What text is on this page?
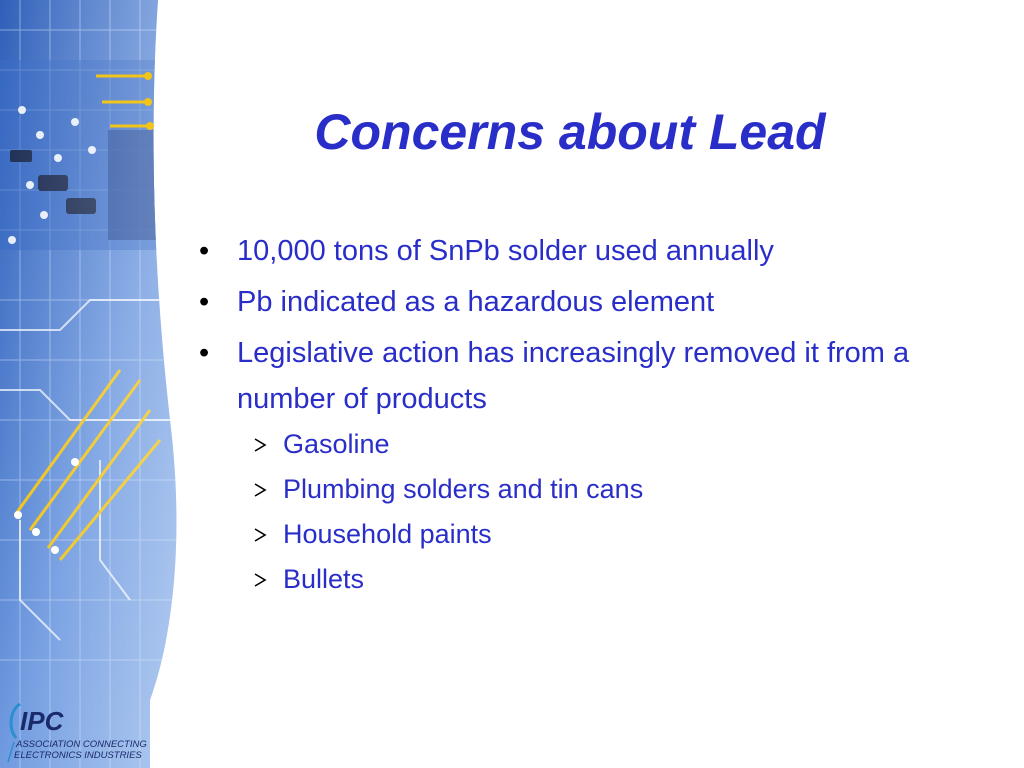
Concerns about Lead
• 10,000 tons of SnPb solder used annually
• Pb indicated as a hazardous element
• Legislative action has increasingly removed it from a number of products
Gasoline
Plumbing solders and tin cans
Household paints
Bullets
IPC
ASSOCIATION CONNECTING
ELECTRONICS INDUSTRIES
